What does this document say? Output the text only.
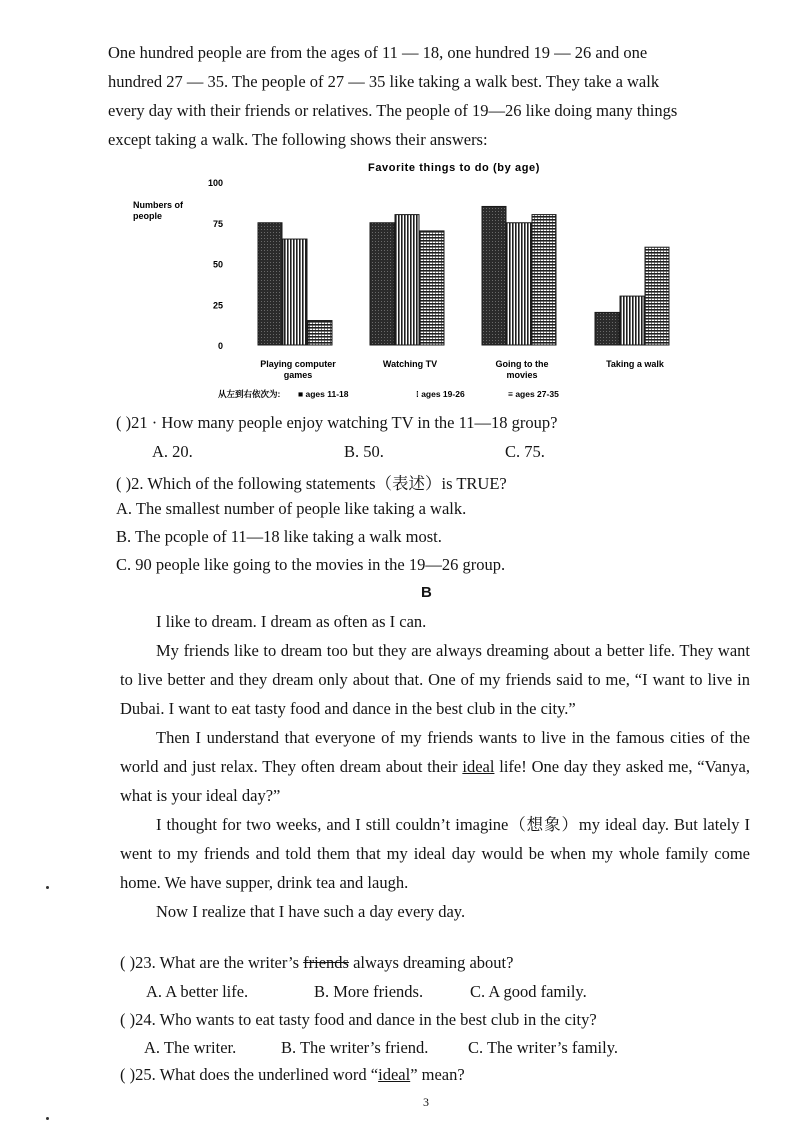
One hundred people are from the ages of 11 — 18, one hundred 19 — 26 and one
hundred 27 — 35. The people of 27 — 35 like taking a walk best. They take a walk
every day with their friends or relatives. The people of 19—26 like doing many things
except taking a walk. The following shows their answers:
Favorite things to do (by age)
Numbers of
people
0
25
50
75
100
Playing computer
games
Watching TV	Going to the
movies
Taking a walk
从左到右依次为: ■ ages 11-18	⁞ ages 19-26	≡ ages 27-35
( )21 · How many people enjoy watching TV in the 11—18 group?
A. 20.	B. 50.	C. 75.
( )2. Which of the following statements（表述）is TRUE?
A. The smallest number of people like taking a walk.
B. The pcople of 11—18 like taking a walk most.
C. 90 people like going to the movies in the 19—26 group.
B
I like to dream. I dream as often as I can.
My friends like to dream too but they are always dreaming about a better life. They want to live better and they dream only about that. One of my friends said to me, “I want to live in Dubai. I want to eat tasty food and dance in the best club in the city.”
Then I understand that everyone of my friends wants to live in the famous cities of the world and just relax. They often dream about their ideal life! One day they asked me, “Vanya, what is your ideal day?”
I thought for two weeks, and I still couldn’t imagine（想象）my ideal day. But lately I went to my friends and told them that my ideal day would be when my whole family come home. We have supper, drink tea and laugh.
Now I realize that I have such a day every day.
( )23. What are the writer’s friends always dreaming about?
A. A better life.	B. More friends.	C. A good family.
( )24. Who wants to eat tasty food and dance in the best club in the city?
A. The writer.	B. The writer’s friend. C. The writer’s family.
( )25. What does the underlined word “ideal” mean?
3
